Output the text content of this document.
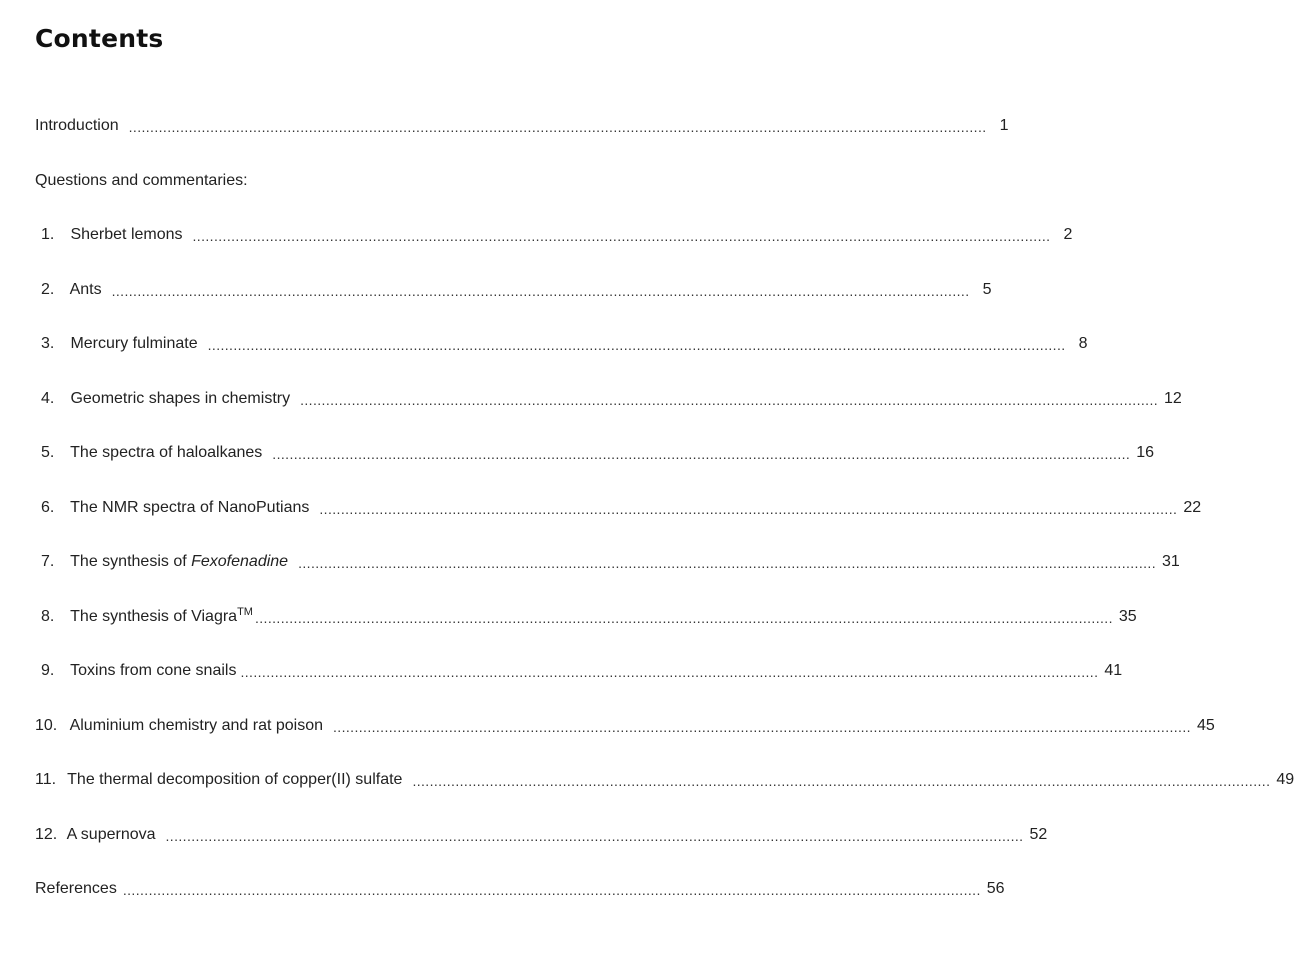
Contents
Introduction ........................................................................................................................................................................................................ 1
Questions and commentaries:
1. Sherbet lemons ........................................................................................................................................................................................................ 2
2. Ants ........................................................................................................................................................................................................ 5
3. Mercury fulminate ........................................................................................................................................................................................................ 8
4. Geometric shapes in chemistry ........................................................................................................................................................................................................ 12
5. The spectra of haloalkanes ........................................................................................................................................................................................................ 16
6. The NMR spectra of NanoPutians ........................................................................................................................................................................................................ 22
7. The synthesis of Fexofenadine ........................................................................................................................................................................................................ 31
8. The synthesis of Viagra™ ........................................................................................................................................................................................................ 35
9. Toxins from cone snails ........................................................................................................................................................................................................ 41
10. Aluminium chemistry and rat poison ........................................................................................................................................................................................................ 45
11. The thermal decomposition of copper(II) sulfate ........................................................................................................................................................................................................ 49
12. A supernova ........................................................................................................................................................................................................ 52
References ........................................................................................................................................................................................................ 56
